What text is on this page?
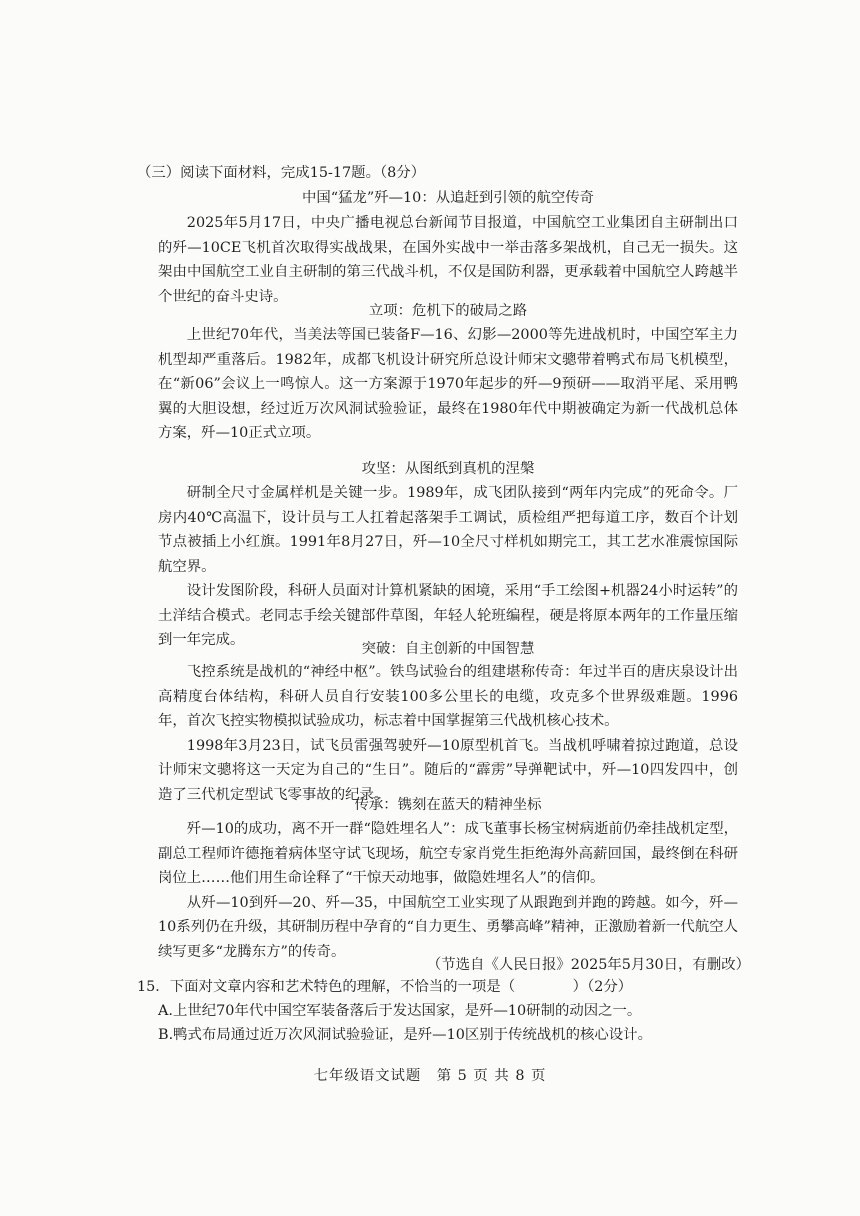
（三）阅读下面材料，完成15-17题。（8分）
中国“猛龙”歼—10：从追赶到引领的航空传奇

2025年5月17日，中央广播电视总台新闻节目报道，中国航空工业集团自主研制出口的歼—10CE飞机首次取得实战战果，在国外实战中一举击落多架战机，自己无一损失。这架由中国航空工业自主研制的第三代战斗机，不仅是国防利器，更承载着中国航空人跨越半个世纪的奋斗史诗。

立项：危机下的破局之路

上世纪70年代，当美法等国已装备F—16、幻影—2000等先进战机时，中国空军主力机型却严重落后。1982年，成都飞机设计研究所总设计师宋文骢带着鸭式布局飞机模型，在“新06”会议上一鸣惊人。这一方案源于1970年起步的歼—9预研——取消平尾、采用鸭翼的大胆设想，经过近万次风洞试验验证，最终在1980年代中期被确定为新一代战机总体方案，歼—10正式立项。

攻坚：从图纸到真机的涅槃

研制全尺寸金属样机是关键一步。1989年，成飞团队接到“两年内完成”的死命令。厂房内40℃高温下，设计员与工人扛着起落架手工调试，质检组严把每道工序，数百个计划节点被插上小红旗。1991年8月27日，歼—10全尺寸样机如期完工，其工艺水准震惊国际航空界。

设计发图阶段，科研人员面对计算机紧缺的困境，采用“手工绘图+机器24小时运转”的土洋结合模式。老同志手绘关键部件草图，年轻人轮班编程，硬是将原本两年的工作量压缩到一年完成。

突破：自主创新的中国智慧

飞控系统是战机的“神经中枢”。铁鸟试验台的组建堪称传奇：年过半百的唐庆泉设计出高精度台体结构，科研人员自行安装100多公里长的电缆，攻克多个世界级难题。1996年，首次飞控实物模拟试验成功，标志着中国掌握第三代战机核心技术。

1998年3月23日，试飞员雷强驾驶歼—10原型机首飞。当战机呼啸着掠过跑道，总设计师宋文骢将这一天定为自己的“生日”。随后的“霹雳”导弹靶试中，歼—10四发四中，创造了三代机定型试飞零事故的纪录。

传承：镌刻在蓝天的精神坐标

歼—10的成功，离不开一群“隐姓埋名人”：成飞董事长杨宝树病逝前仍牵挂战机定型，副总工程师许德拖着病体坚守试飞现场，航空专家肖党生拒绝海外高薪回国，最终倒在科研岗位上……他们用生命诠释了“干惊天动地事，做隐姓埋名人”的信仰。

从歼—10到歼—20、歼—35，中国航空工业实现了从跟跑到并跑的跨越。如今，歼—10系列仍在升级，其研制历程中孕育的“自力更生、勇攀高峰”精神，正激励着新一代航空人续写更多“龙腾东方”的传奇。

（节选自《人民日报》2025年5月30日，有删改）
15．下面对文章内容和艺术特色的理解，不恰当的一项是（　　　　）（2分）
A.上世纪70年代中国空军装备落后于发达国家，是歼—10研制的动因之一。
B.鸭式布局通过近万次风洞试验验证，是歼—10区别于传统战机的核心设计。
七年级语文试题　第 5 页 共 8 页
